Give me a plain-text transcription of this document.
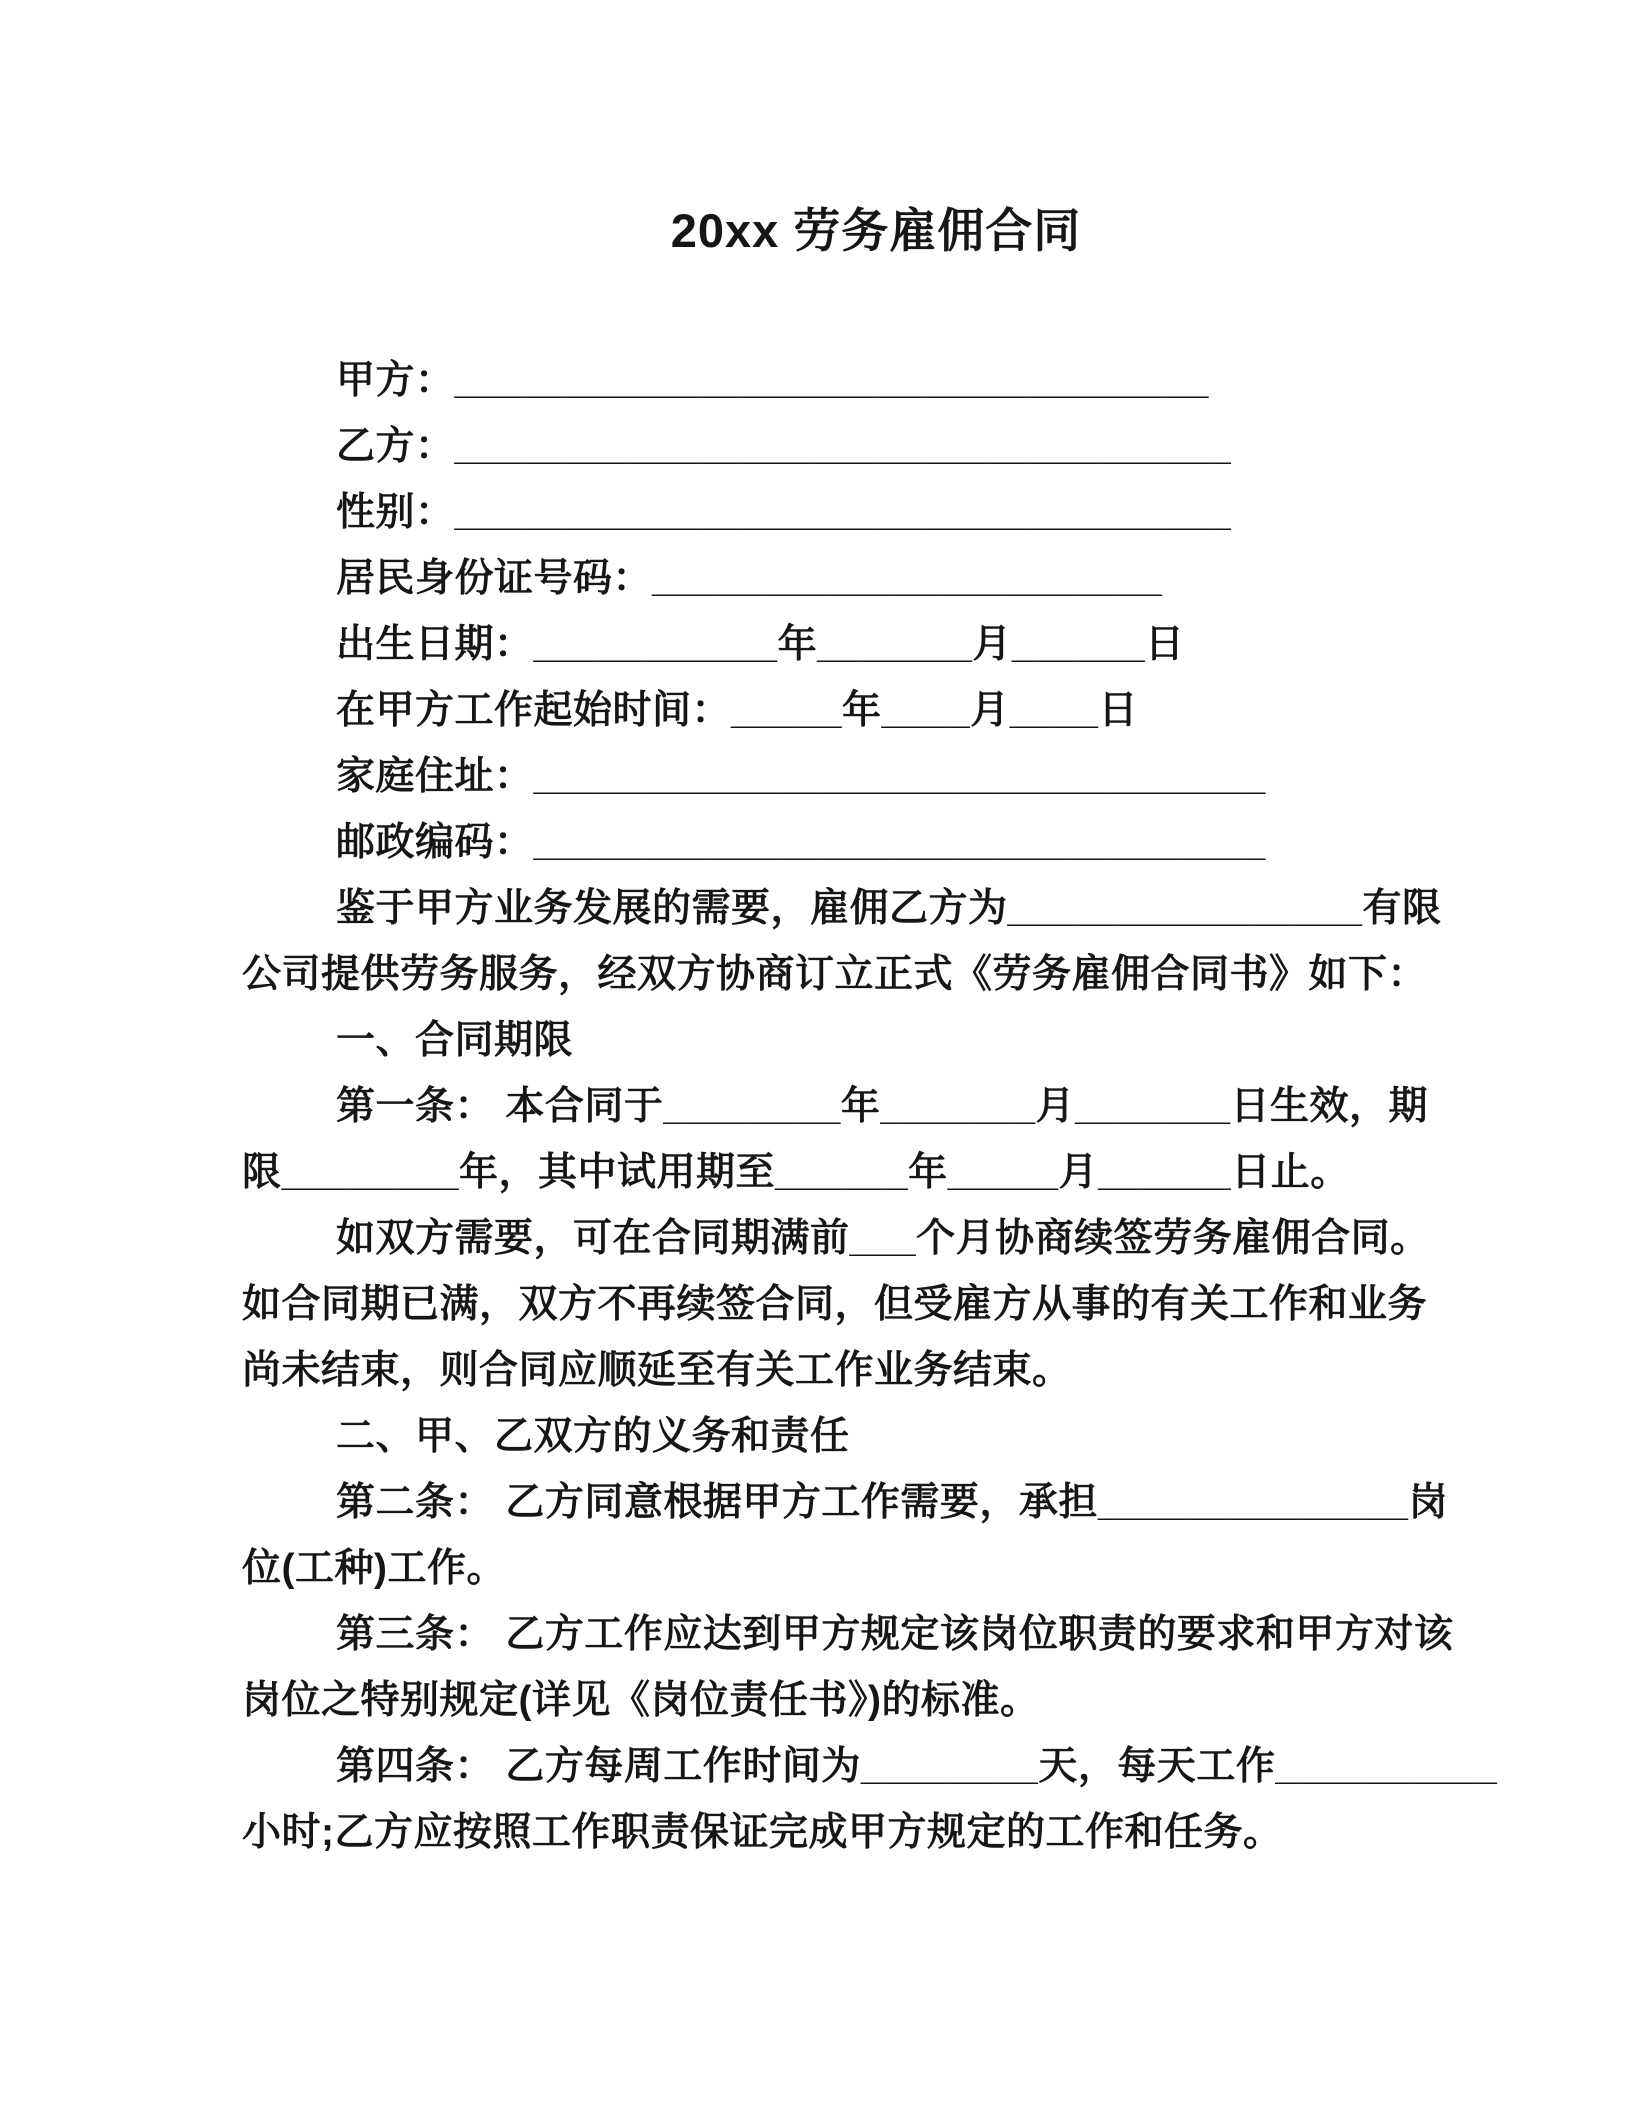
20xx 劳务雇佣合同

甲方：__________________________________

乙方：___________________________________

性别：___________________________________

居民身份证号码：_______________________

出生日期：___________年_______月______日

在甲方工作起始时间：_____年____月____日

家庭住址：_________________________________

邮政编码：_________________________________

鉴于甲方业务发展的需要，雇佣乙方为________________有限

公司提供劳务服务，经双方协商订立正式《劳务雇佣合同书》如下：

一、合同期限

第一条： 本合同于________年_______月_______日生效，期

限________年，其中试用期至______年_____月______日止。

如双方需要，可在合同期满前___个月协商续签劳务雇佣合同。

如合同期已满，双方不再续签合同，但受雇方从事的有关工作和业务

尚未结束，则合同应顺延至有关工作业务结束。

二、甲、乙双方的义务和责任

第二条： 乙方同意根据甲方工作需要，承担______________岗

位(工种)工作。

第三条： 乙方工作应达到甲方规定该岗位职责的要求和甲方对该

岗位之特别规定(详见《岗位责任书》)的标准。

第四条： 乙方每周工作时间为________天，每天工作__________

小时;乙方应按照工作职责保证完成甲方规定的工作和任务。
